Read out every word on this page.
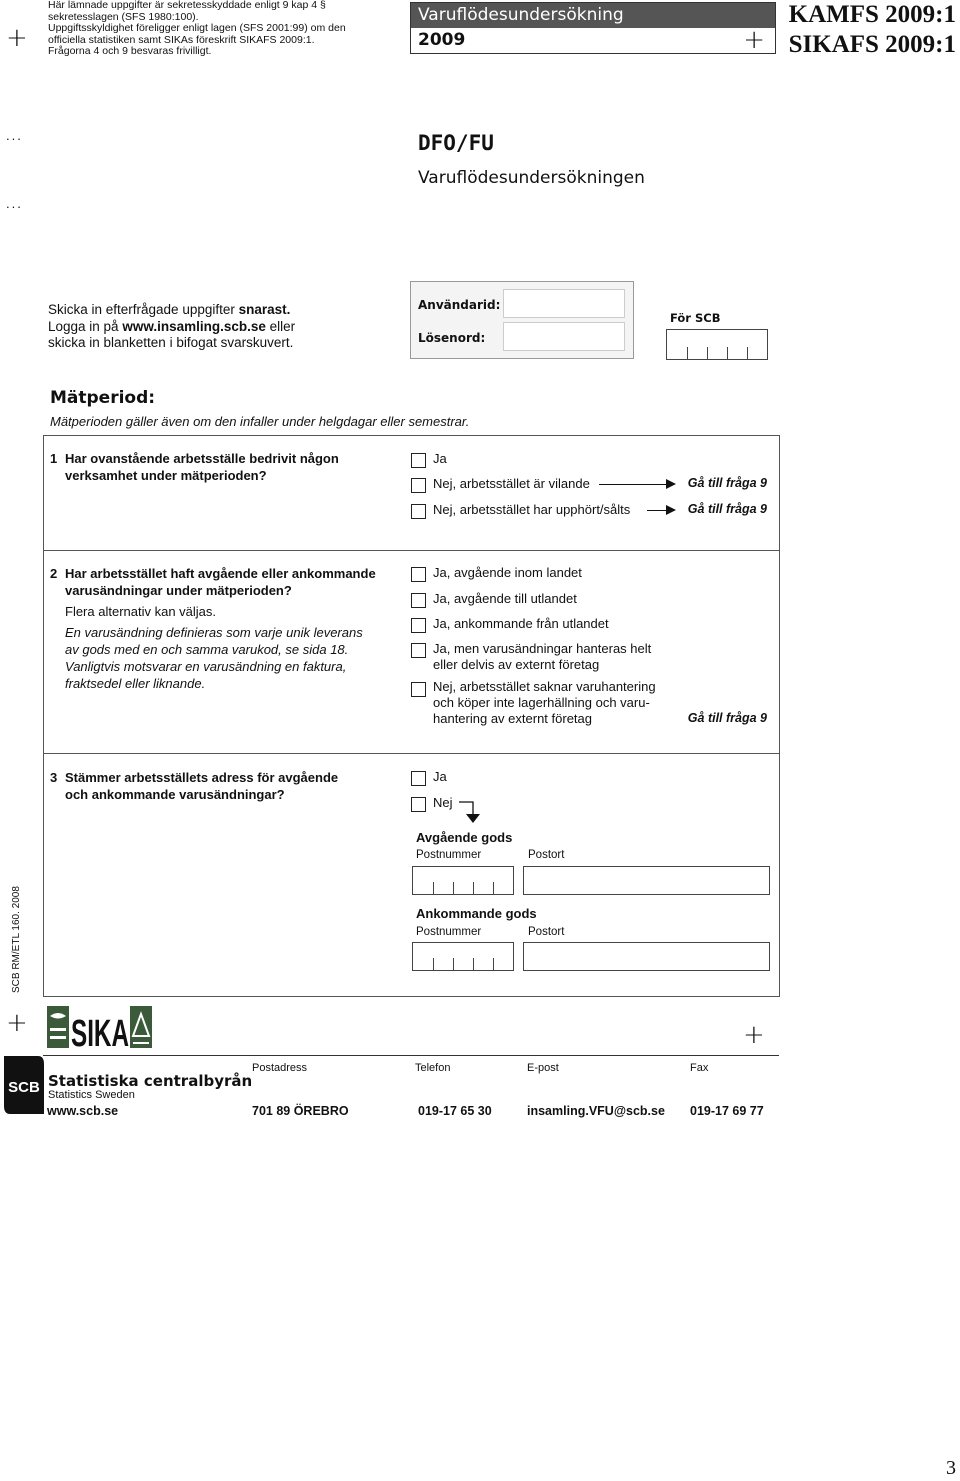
+
+	+
Här lämnade uppgifter är sekretesskyddade enligt 9 kap 4 §
sekretesslagen (SFS 1980:100).
Uppgiftsskyldighet föreligger enligt lagen (SFS 2001:99) om den
officiella statistiken samt SIKAs föreskrift SIKAFS 2009:1.
Frågorna 4 och 9 besvaras frivilligt.
Varuflödesundersökning
2009	+
KAMFS 2009:1
SIKAFS 2009:1
...
...
DFO/FU
Varuflödesundersökningen
Skicka in efterfrågade uppgifter snarast.
Logga in på www.insamling.scb.se eller
skicka in blanketten i bifogat svarskuvert.
Användarid:
Lösenord:
För SCB
Mätperiod:
Mätperioden gäller även om den infaller under helgdagar eller semestrar.
1 Har ovanstående arbetsställe bedrivit någon
verksamhet under mätperioden?
Ja
Nej, arbetsstället är vilande	Gå till fråga 9
Nej, arbetsstället har upphört/sålts	Gå till fråga 9
2 Har arbetsstället haft avgående eller ankommande
varusändningar under mätperioden?
Flera alternativ kan väljas.
En varusändning definieras som varje unik leverans
av gods med en och samma varukod, se sida 18.
Vanligtvis motsvarar en varusändning en faktura,
fraktsedel eller liknande.
Ja, avgående inom landet
Ja, avgående till utlandet
Ja, ankommande från utlandet
Ja, men varusändningar hanteras helt
eller delvis av externt företag
Nej, arbetsstället saknar varuhantering
och köper inte lagerhällning och varu-
hantering av externt företag	Gå till fråga 9
3 Stämmer arbetsställets adress för avgående
och ankommande varusändningar?
Ja
Nej
Avgående gods
Postnummer	Postort
Ankommande gods
Postnummer	Postort
SCB RM/ETL 160. 2008
SIKA
SCB Statistiska centralbyrån
Statistics Sweden
Postadress	Telefon	E-post	Fax
www.scb.se	701 89 ÖREBRO	019-17 65 30	insamling.VFU@scb.se 019-17 69 77
3
